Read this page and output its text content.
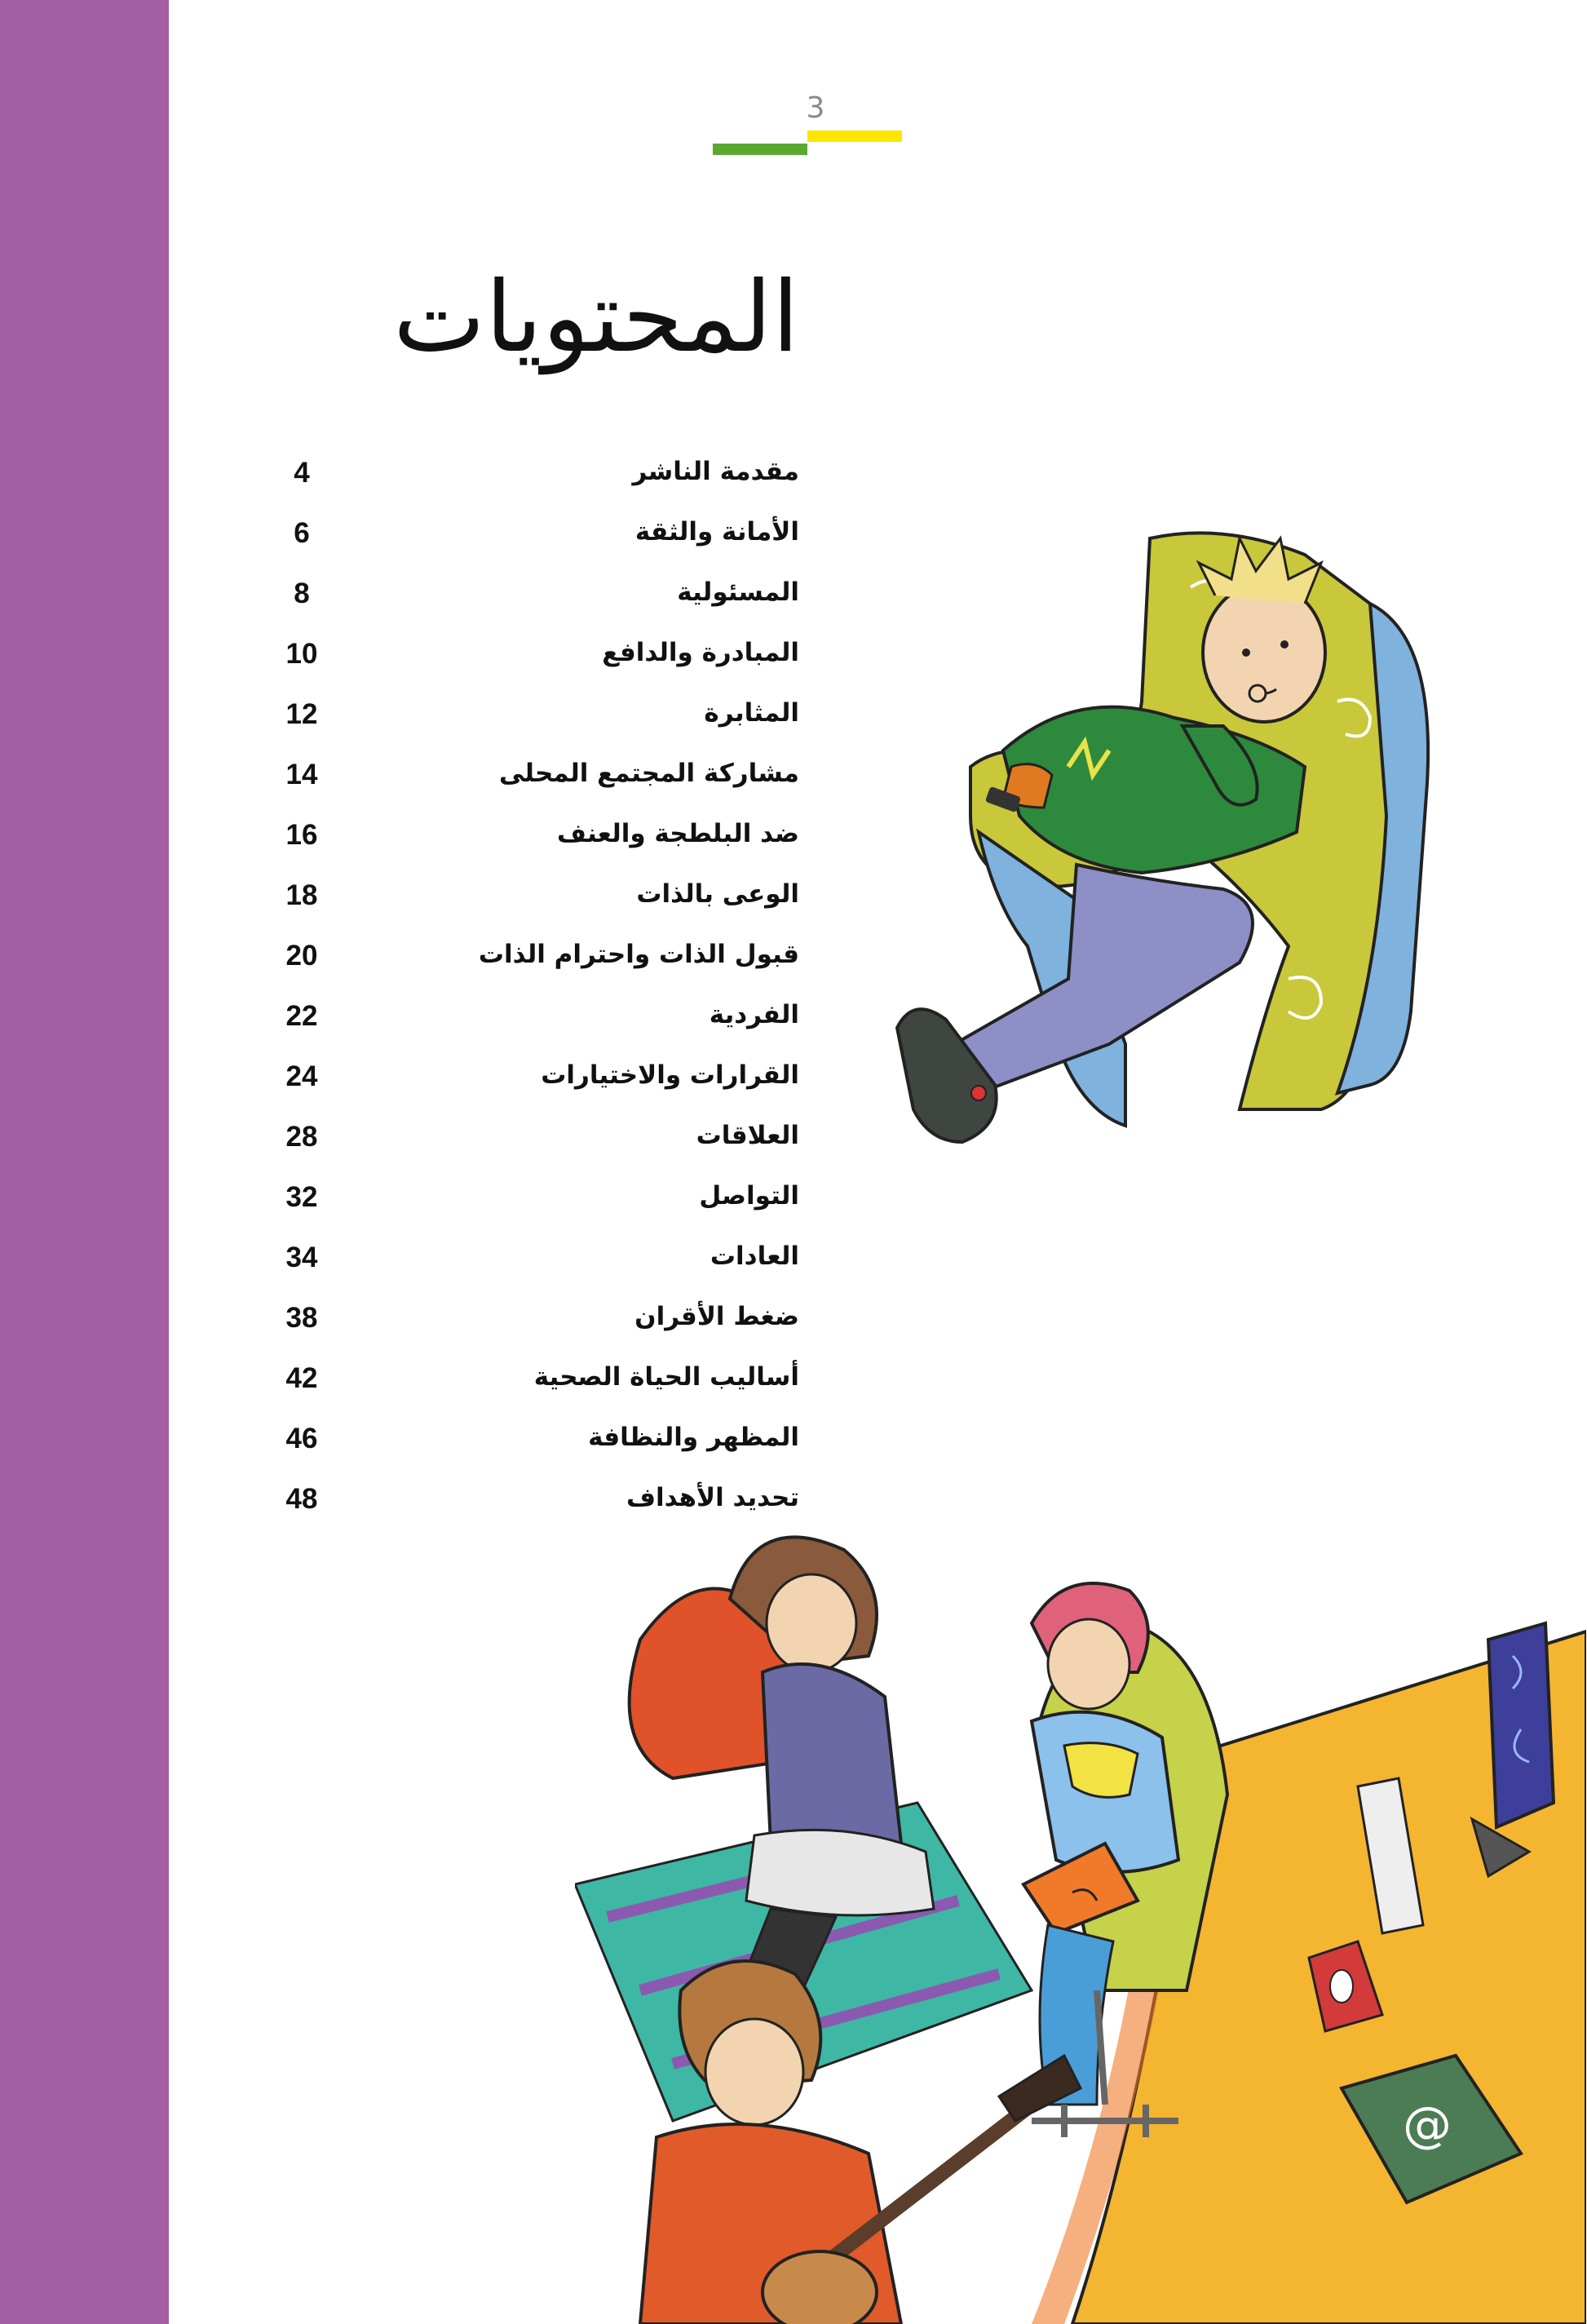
3
المحتويات
مقدمة الناشر
4
الأمانة والثقة
6
المسئولية
8
المبادرة والدافع
10
المثابرة
12
مشاركة المجتمع المحلى
14
ضد البلطجة والعنف
16
الوعى بالذات
18
قبول الذات واحترام الذات
20
الفردية
22
القرارات والاختيارات
24
العلاقات
28
التواصل
32
العادات
34
ضغط الأقران
38
أساليب الحياة الصحية
42
المظهر والنظافة
46
تحديد الأهداف
48
@
